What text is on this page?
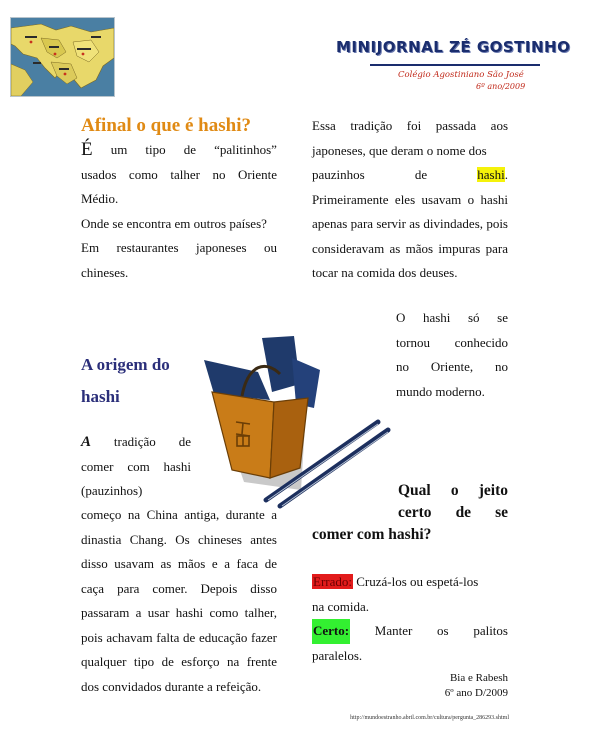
MINIJORNAL ZÉ GOSTINHO
Colégio Agostiniano São José
6º ano/2009
Afinal o que é hashi?
É um tipo de “palitinhos”
usados como talher no Oriente Médio.
Onde se encontra em outros países?
Em restaurantes japoneses ou chineses.
A origem do
hashi
A tradição de
comer com hashi
(pauzinhos)
começo na China antiga, durante a dinastia Chang. Os chineses antes disso usavam as mãos e a faca de caça para comer. Depois disso passaram a usar hashi como talher, pois achavam falta de educação fazer qualquer tipo de esforço na frente dos convidados durante a refeição.
Essa tradição foi passada aos japoneses, que deram o nome dos
pauzinhos	de	hashi.
Primeiramente eles usavam o hashi apenas para servir as divindades, pois consideravam as mãos impuras para tocar na comida dos deuses.
O hashi só se
tornou conhecido
no Oriente, no
mundo moderno.
Qual o jeito
certo de se
comer com hashi?
Errado: Cruzá-los ou espetá-los
na comida.
Certo: Manter os palitos
paralelos.
Bia e Rabesh
6º ano D/2009
http://mundoestranho.abril.com.br/cultura/pergunta_286293.shtml
